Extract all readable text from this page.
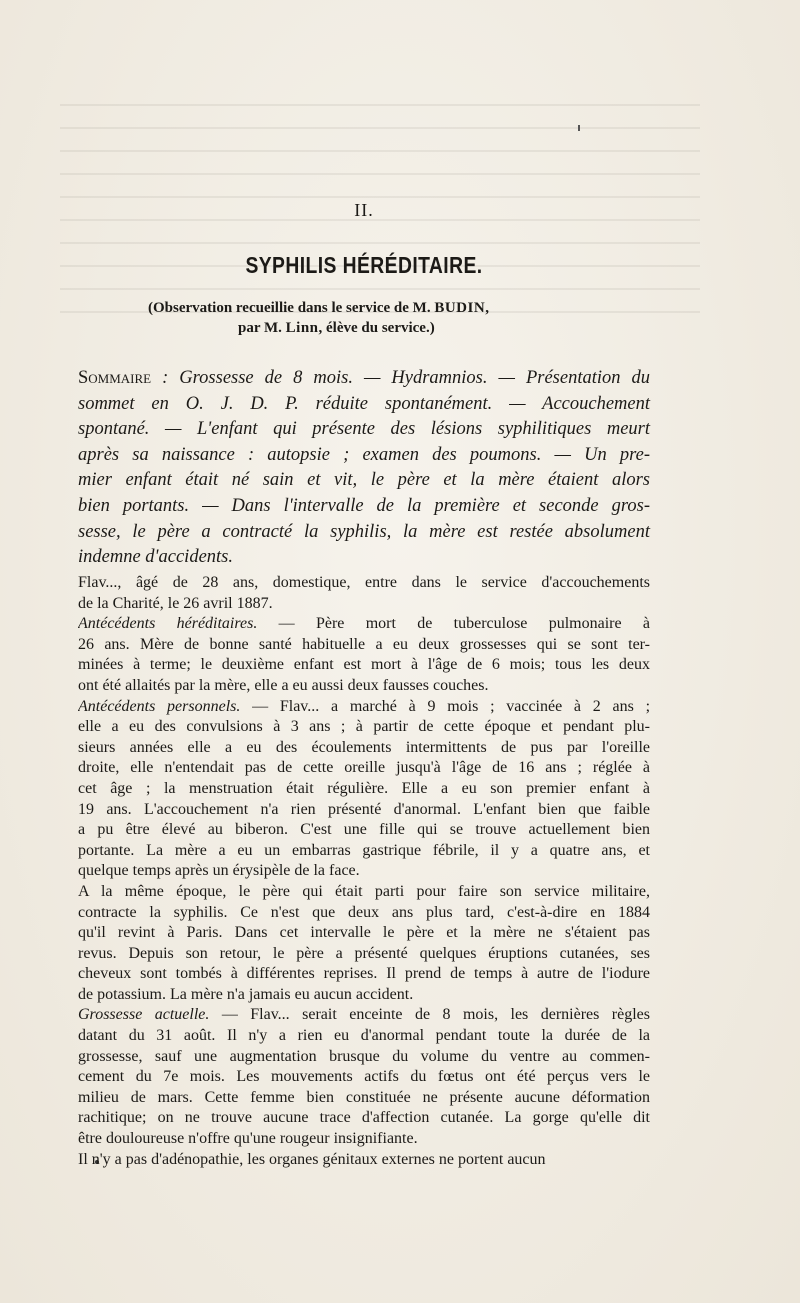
II.
SYPHILIS HÉRÉDITAIRE.
(Observation recueillie dans le service de M. BUDIN,
par M. Linn, élève du service.)
Sommaire : Grossesse de 8 mois. — Hydramnios. — Présentation du
sommet en O. J. D. P. réduite spontanément. — Accouchement
spontané. — L'enfant qui présente des lésions syphilitiques meurt
après sa naissance : autopsie ; examen des poumons. — Un pre-
mier enfant était né sain et vit, le père et la mère étaient alors
bien portants. — Dans l'intervalle de la première et seconde gros-
sesse, le père a contracté la syphilis, la mère est restée absolument
indemne d'accidents.
Flav..., âgé de 28 ans, domestique, entre dans le service d'accouchements
de la Charité, le 26 avril 1887.
Antécédents héréditaires. — Père mort de tuberculose pulmonaire à
26 ans. Mère de bonne santé habituelle a eu deux grossesses qui se sont ter-
minées à terme; le deuxième enfant est mort à l'âge de 6 mois; tous les deux
ont été allaités par la mère, elle a eu aussi deux fausses couches.
Antécédents personnels. — Flav... a marché à 9 mois ; vaccinée à 2 ans ;
elle a eu des convulsions à 3 ans ; à partir de cette époque et pendant plu-
sieurs années elle a eu des écoulements intermittents de pus par l'oreille
droite, elle n'entendait pas de cette oreille jusqu'à l'âge de 16 ans ; réglée à
cet âge ; la menstruation était régulière. Elle a eu son premier enfant à
19 ans. L'accouchement n'a rien présenté d'anormal. L'enfant bien que faible
a pu être élevé au biberon. C'est une fille qui se trouve actuellement bien
portante. La mère a eu un embarras gastrique fébrile, il y a quatre ans, et
quelque temps après un érysipèle de la face.
A la même époque, le père qui était parti pour faire son service militaire,
contracte la syphilis. Ce n'est que deux ans plus tard, c'est-à-dire en 1884
qu'il revint à Paris. Dans cet intervalle le père et la mère ne s'étaient pas
revus. Depuis son retour, le père a présenté quelques éruptions cutanées, ses
cheveux sont tombés à différentes reprises. Il prend de temps à autre de l'iodure
de potassium. La mère n'a jamais eu aucun accident.
Grossesse actuelle. — Flav... serait enceinte de 8 mois, les dernières règles
datant du 31 août. Il n'y a rien eu d'anormal pendant toute la durée de la
grossesse, sauf une augmentation brusque du volume du ventre au commen-
cement du 7e mois. Les mouvements actifs du fœtus ont été perçus vers le
milieu de mars. Cette femme bien constituée ne présente aucune déformation
rachitique; on ne trouve aucune trace d'affection cutanée. La gorge qu'elle dit
être douloureuse n'offre qu'une rougeur insignifiante.
Il n'y a pas d'adénopathie, les organes génitaux externes ne portent aucun
